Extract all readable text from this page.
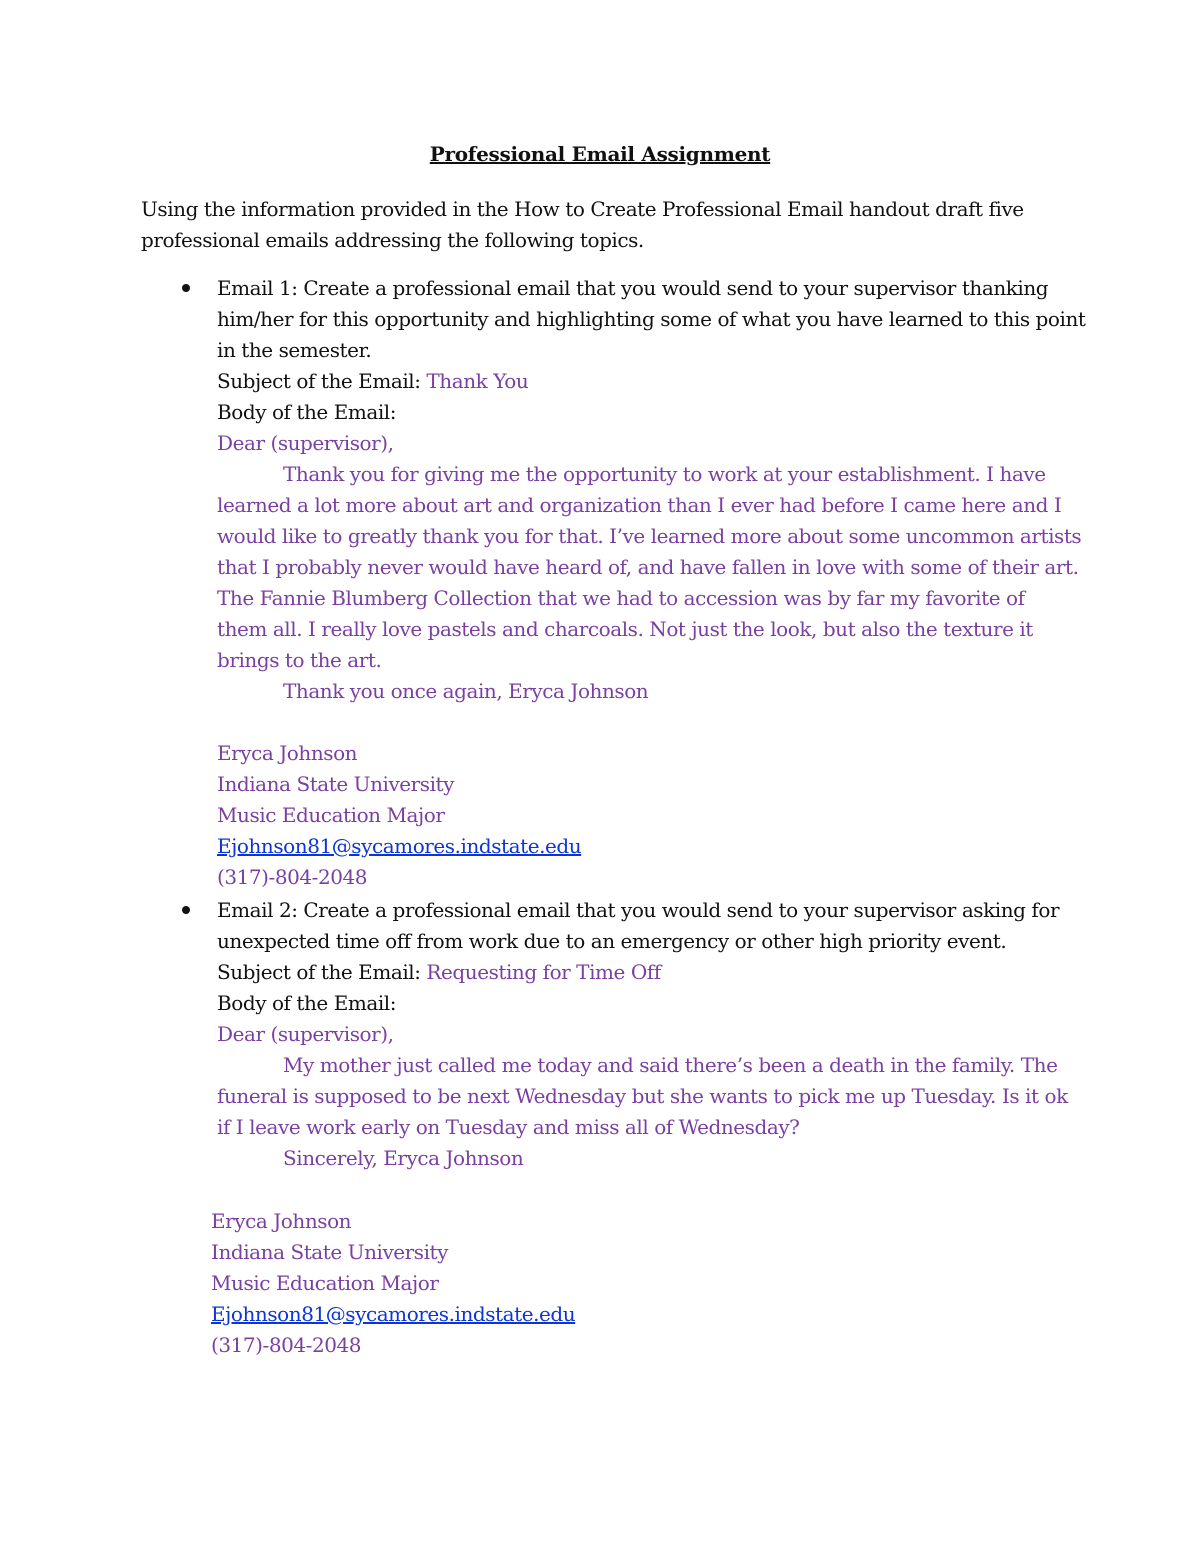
Professional Email Assignment
Using the information provided in the How to Create Professional Email handout draft five
professional emails addressing the following topics.
Email 1: Create a professional email that you would send to your supervisor thanking
him/her for this opportunity and highlighting some of what you have learned to this point
in the semester.
Subject of the Email: Thank You
Body of the Email:
Dear (supervisor),
Thank you for giving me the opportunity to work at your establishment. I have
learned a lot more about art and organization than I ever had before I came here and I
would like to greatly thank you for that. I’ve learned more about some uncommon artists
that I probably never would have heard of, and have fallen in love with some of their art.
The Fannie Blumberg Collection that we had to accession was by far my favorite of
them all. I really love pastels and charcoals. Not just the look, but also the texture it
brings to the art.
Thank you once again, Eryca Johnson

Eryca Johnson
Indiana State University
Music Education Major
Ejohnson81@sycamores.indstate.edu
(317)-804-2048
Email 2: Create a professional email that you would send to your supervisor asking for
unexpected time off from work due to an emergency or other high priority event.
Subject of the Email: Requesting for Time Off
Body of the Email:
Dear (supervisor),
My mother just called me today and said there’s been a death in the family. The
funeral is supposed to be next Wednesday but she wants to pick me up Tuesday. Is it ok
if I leave work early on Tuesday and miss all of Wednesday?
Sincerely, Eryca Johnson
Eryca Johnson
Indiana State University
Music Education Major
Ejohnson81@sycamores.indstate.edu
(317)-804-2048
